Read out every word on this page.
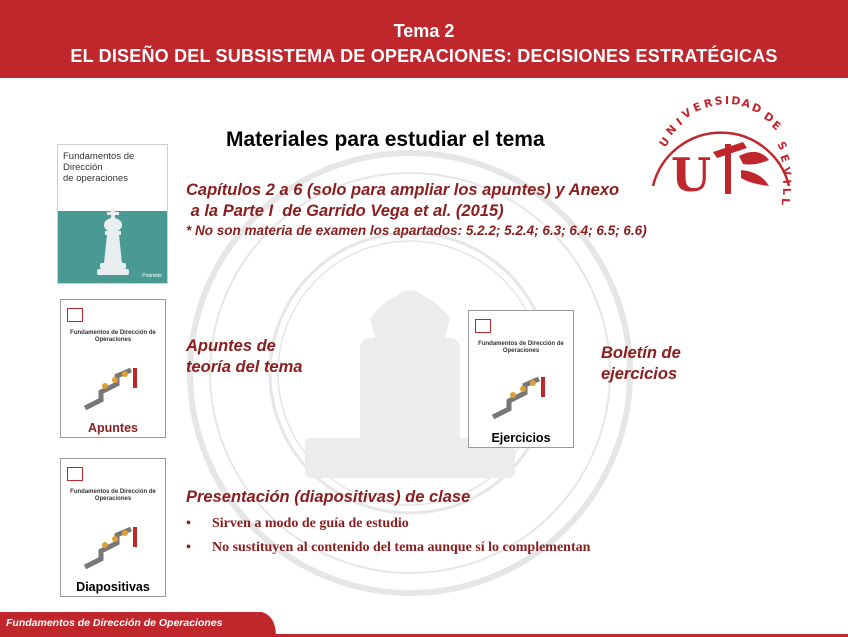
Tema 2
EL DISEÑO DEL SUBSISTEMA DE OPERACIONES: DECISIONES ESTRATÉGICAS
U
N
I
V
E R S I D A
D
D
E
S
E
V
I
L
L
U
Materiales para estudiar el tema
Fundamentos de
Dirección
de operaciones
Pirámide
Capítulos 2 a 6 (solo para ampliar los apuntes) y Anexo
a la Parte I  de Garrido Vega et al. (2015)
* No son materia de examen los apartados: 5.2.2; 5.2.4; 6.3; 6.4; 6.5; 6.6)
Fundamentos de Dirección de Operaciones
Apuntes
Apuntes de
teoría del tema
Fundamentos de Dirección de Operaciones
Ejercicios
Boletín de
ejercicios
Fundamentos de Dirección de Operaciones
Diapositivas
Presentación (diapositivas) de clase
• Sirven a modo de guía de estudio
• No sustituyen al contenido del tema aunque sí lo complementan
Fundamentos de Dirección de Operaciones
